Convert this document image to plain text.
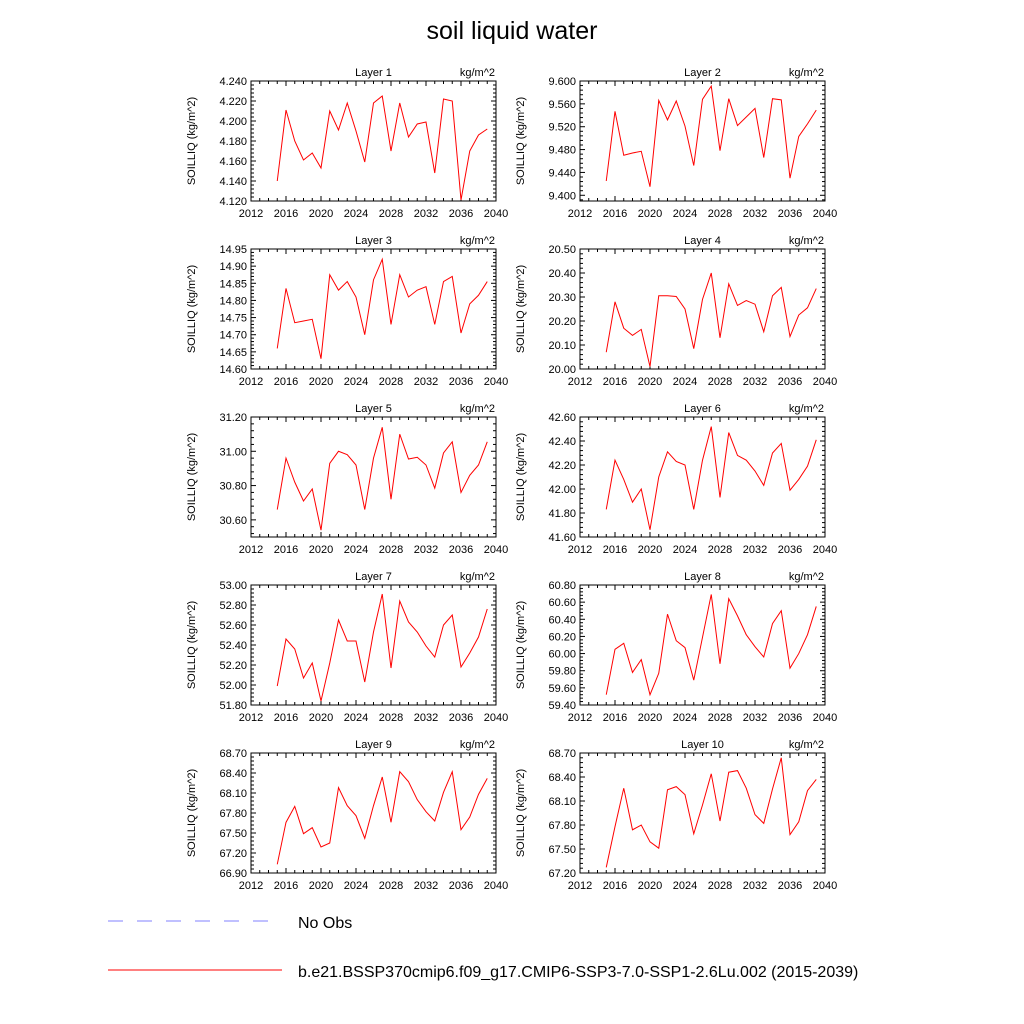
soil liquid water
2012 2016 2020 2024 2028 2032 2036 2040
4.120
4.140
4.160
4.180
4.200
4.220
4.240
Layer 1	kg/m^2
SOILLIQ (kg/m^2)
2012 2016 2020 2024 2028 2032 2036 2040
9.400
9.440
9.480
9.520
9.560
9.600
Layer 2	kg/m^2
SOILLIQ (kg/m^2)
2012 2016 2020 2024 2028 2032 2036 2040
14.60
14.65
14.70
14.75
14.80
14.85
14.90
14.95
Layer 3	kg/m^2
SOILLIQ (kg/m^2)
2012 2016 2020 2024 2028 2032 2036 2040
20.00
20.10
20.20
20.30
20.40
20.50
Layer 4	kg/m^2
SOILLIQ (kg/m^2)
2012 2016 2020 2024 2028 2032 2036 2040
30.60
30.80
31.00
31.20
Layer 5	kg/m^2
SOILLIQ (kg/m^2)
2012 2016 2020 2024 2028 2032 2036 2040
41.60
41.80
42.00
42.20
42.40
42.60
Layer 6	kg/m^2
SOILLIQ (kg/m^2)
2012 2016 2020 2024 2028 2032 2036 2040
51.80
52.00
52.20
52.40
52.60
52.80
53.00
Layer 7	kg/m^2
SOILLIQ (kg/m^2)
2012 2016 2020 2024 2028 2032 2036 2040
59.40
59.60
59.80
60.00
60.20
60.40
60.60
60.80
Layer 8	kg/m^2
SOILLIQ (kg/m^2)
2012 2016 2020 2024 2028 2032 2036 2040
66.90
67.20
67.50
67.80
68.10
68.40
68.70
Layer 9	kg/m^2
SOILLIQ (kg/m^2)
2012 2016 2020 2024 2028 2032 2036 2040
67.20
67.50
67.80
68.10
68.40
68.70
Layer 10	kg/m^2
SOILLIQ (kg/m^2)
No Obs
b.e21.BSSP370cmip6.f09_g17.CMIP6-SSP3-7.0-SSP1-2.6Lu.002 (2015-2039)
